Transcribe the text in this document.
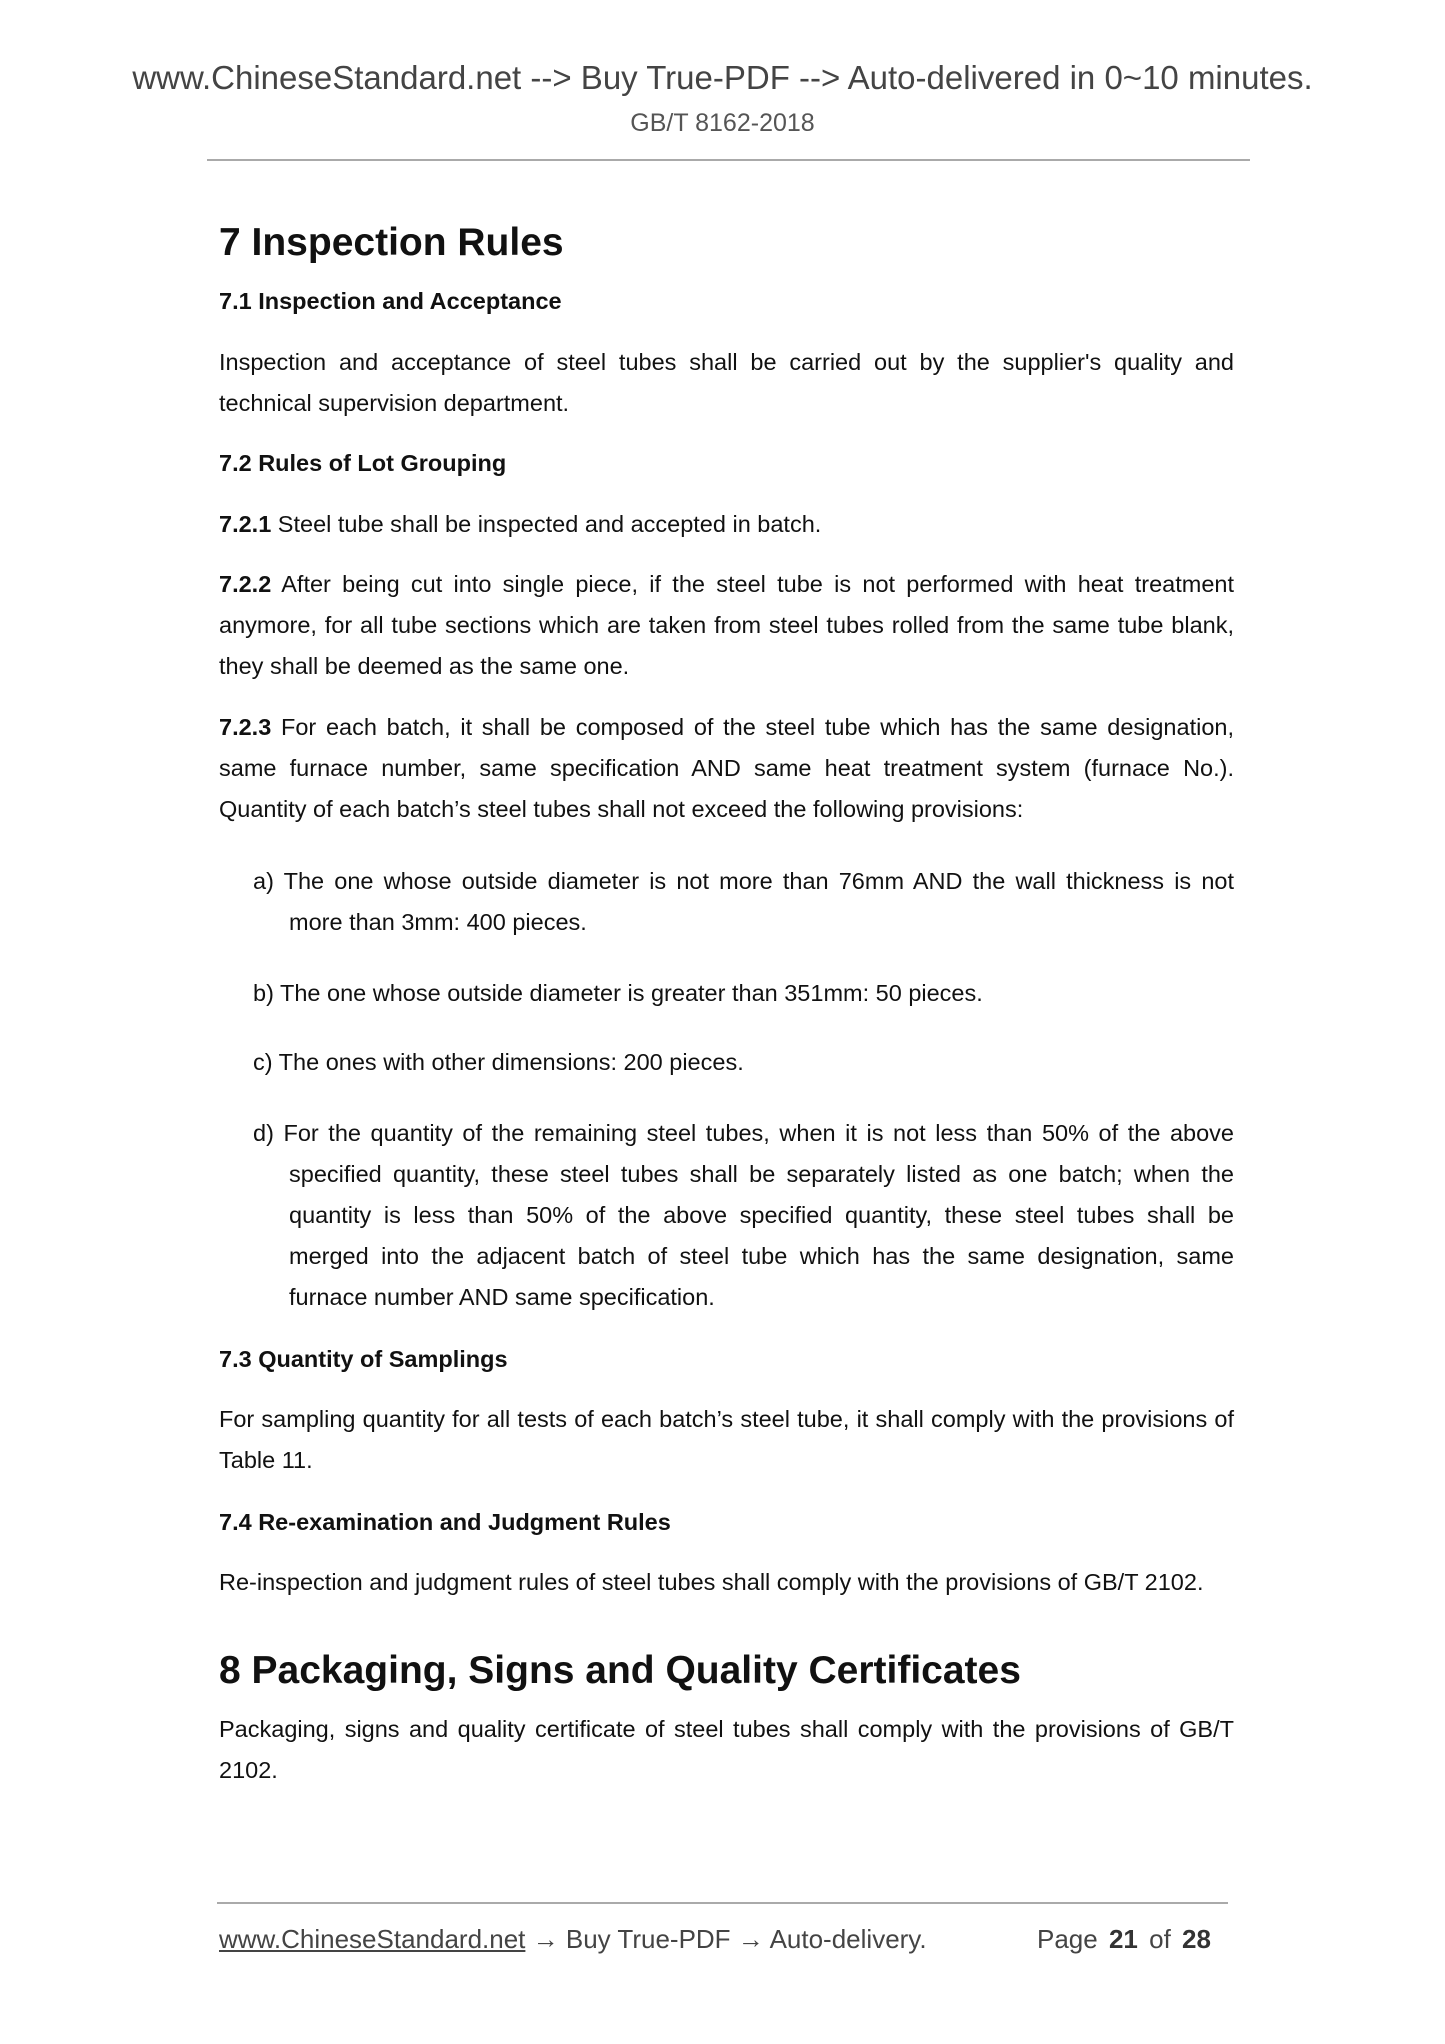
www.ChineseStandard.net --> Buy True-PDF --> Auto-delivered in 0~10 minutes.
GB/T 8162-2018
7 Inspection Rules
7.1 Inspection and Acceptance
Inspection and acceptance of steel tubes shall be carried out by the supplier's quality and technical supervision department.
7.2 Rules of Lot Grouping
7.2.1 Steel tube shall be inspected and accepted in batch.
7.2.2 After being cut into single piece, if the steel tube is not performed with heat treatment anymore, for all tube sections which are taken from steel tubes rolled from the same tube blank, they shall be deemed as the same one.
7.2.3 For each batch, it shall be composed of the steel tube which has the same designation, same furnace number, same specification AND same heat treatment system (furnace No.). Quantity of each batch’s steel tubes shall not exceed the following provisions:
a) The one whose outside diameter is not more than 76mm AND the wall thickness is not more than 3mm: 400 pieces.
b) The one whose outside diameter is greater than 351mm: 50 pieces.
c) The ones with other dimensions: 200 pieces.
d) For the quantity of the remaining steel tubes, when it is not less than 50% of the above specified quantity, these steel tubes shall be separately listed as one batch; when the quantity is less than 50% of the above specified quantity, these steel tubes shall be merged into the adjacent batch of steel tube which has the same designation, same furnace number AND same specification.
7.3 Quantity of Samplings
For sampling quantity for all tests of each batch’s steel tube, it shall comply with the provisions of Table 11.
7.4 Re-examination and Judgment Rules
Re-inspection and judgment rules of steel tubes shall comply with the provisions of GB/T 2102.
8 Packaging, Signs and Quality Certificates
Packaging, signs and quality certificate of steel tubes shall comply with the provisions of GB/T 2102.
www.ChineseStandard.net → Buy True-PDF → Auto-delivery.	Page 21 of 28
